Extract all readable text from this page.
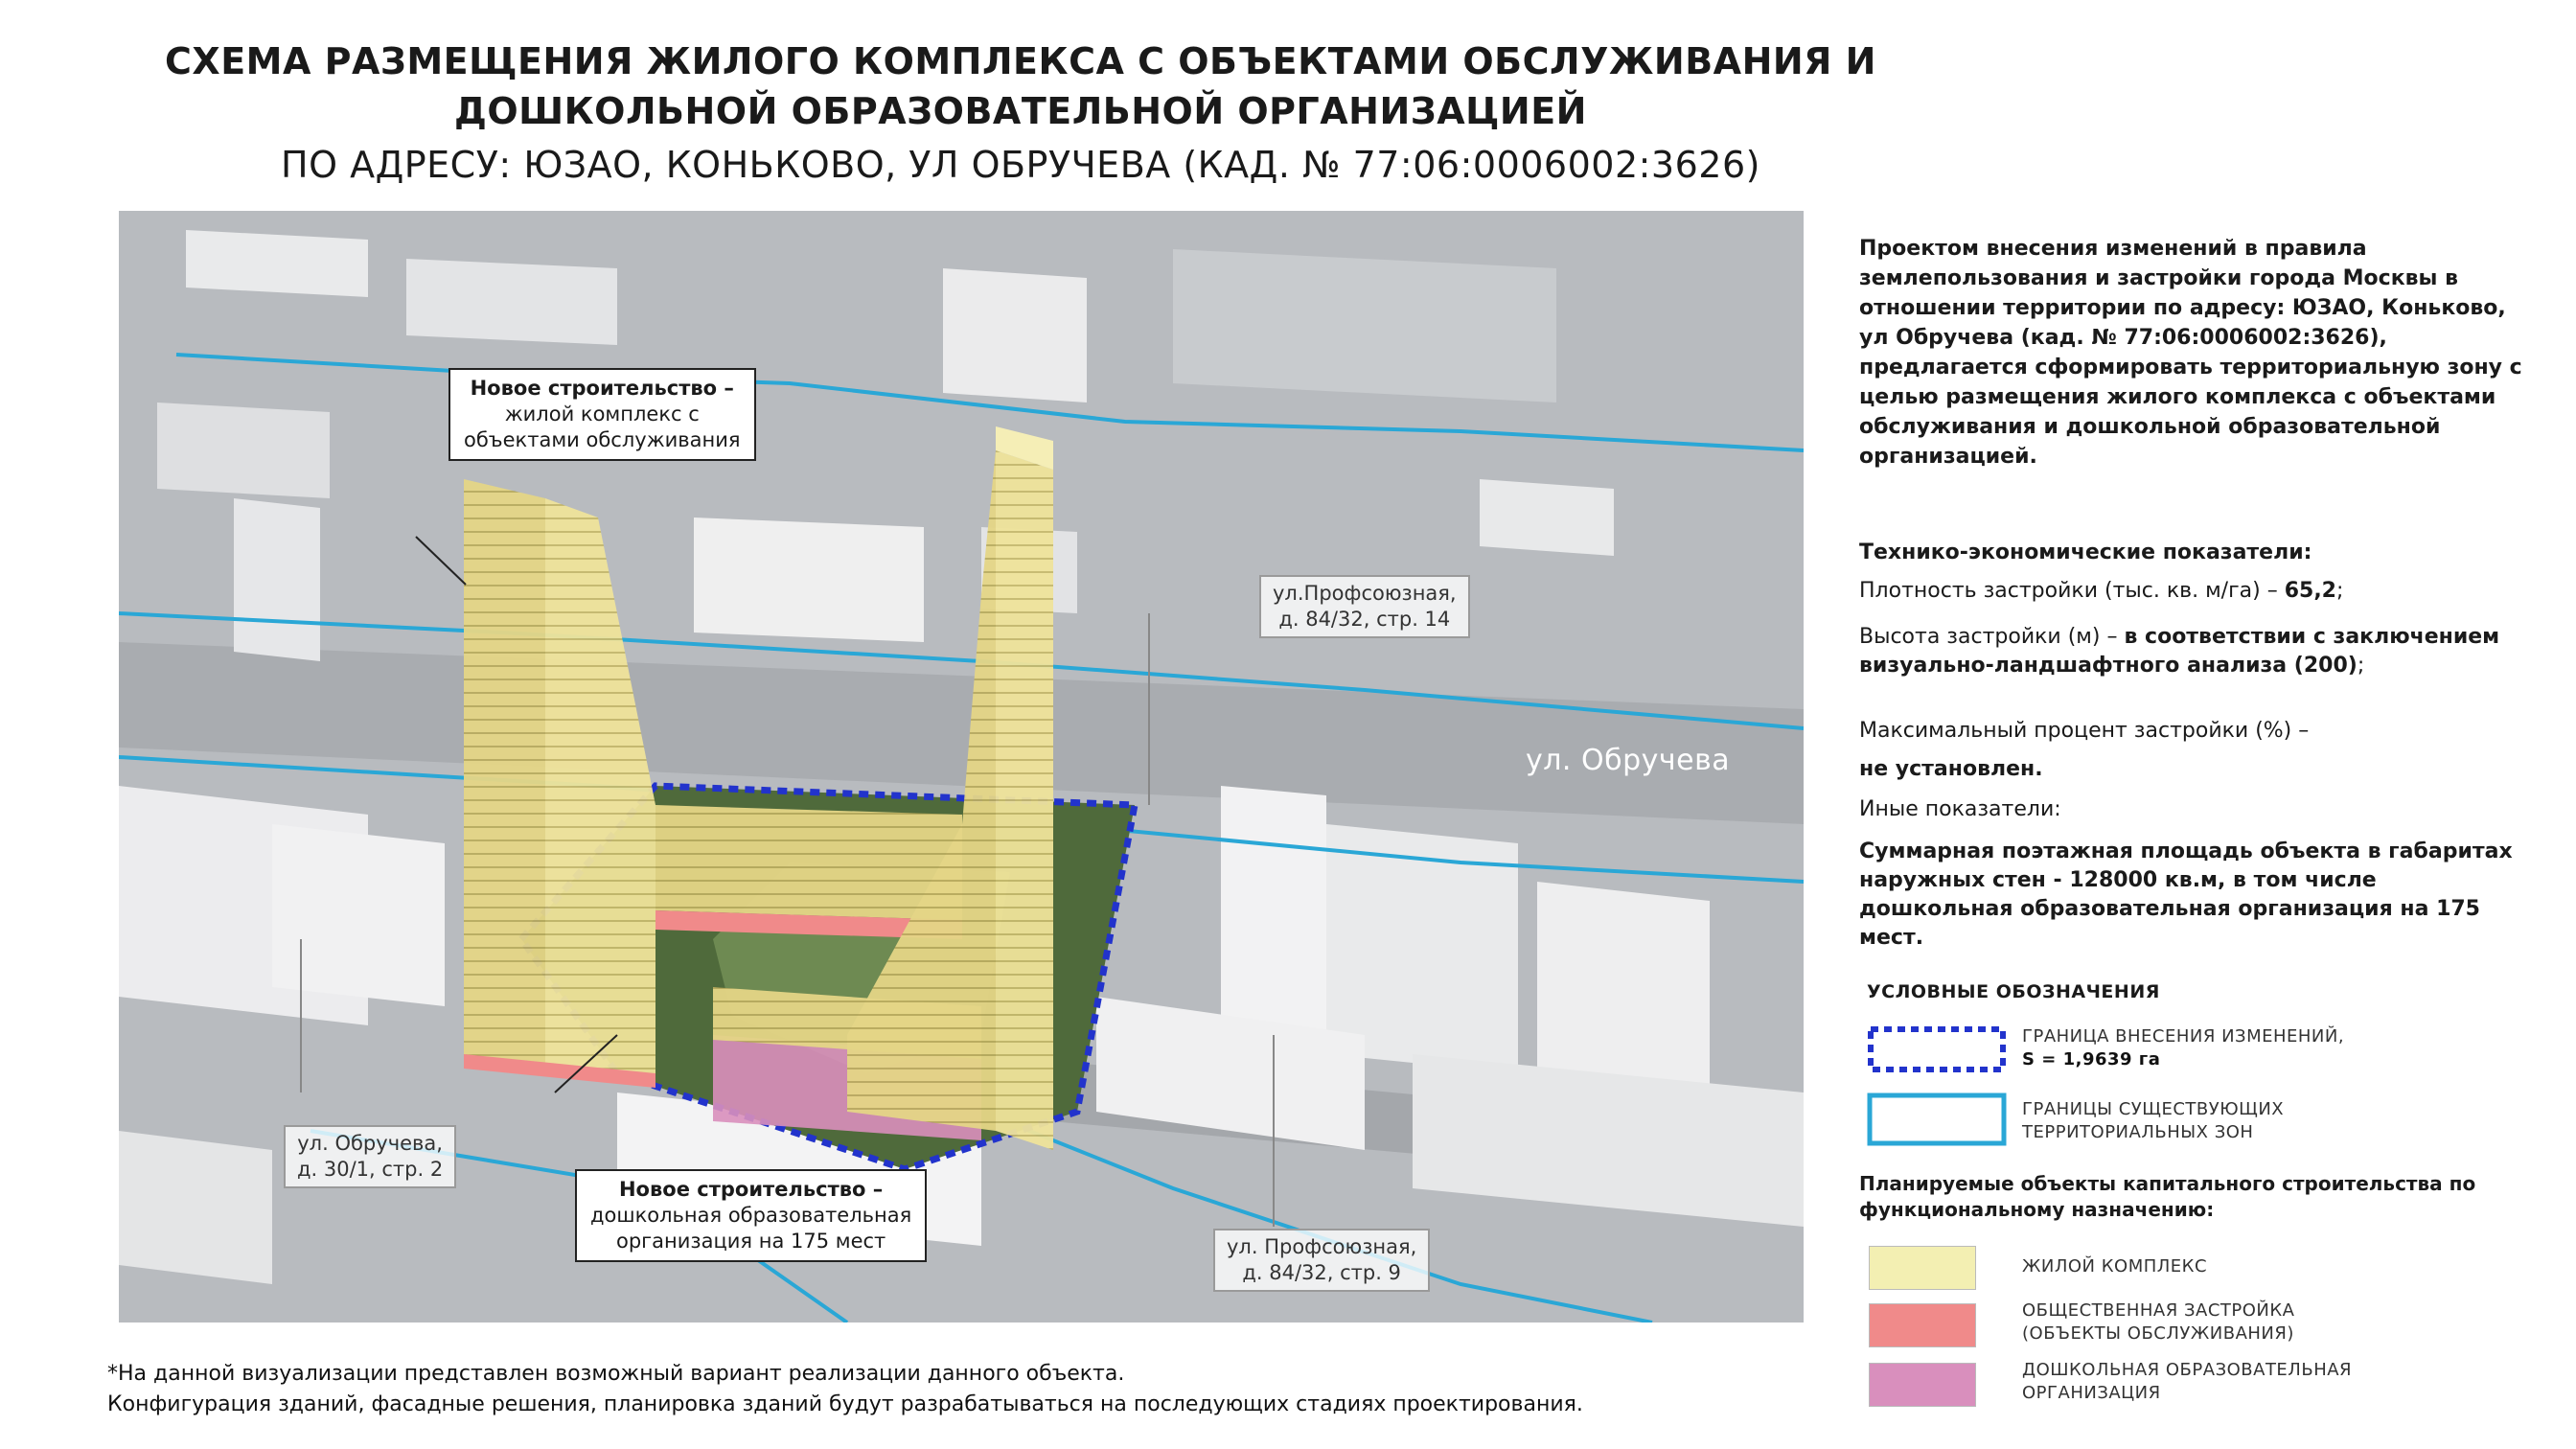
СХЕМА РАЗМЕЩЕНИЯ ЖИЛОГО КОМПЛЕКСА С ОБЪЕКТАМИ ОБСЛУЖИВАНИЯ И
ДОШКОЛЬНОЙ ОБРАЗОВАТЕЛЬНОЙ ОРГАНИЗАЦИЕЙ
ПО АДРЕСУ: ЮЗАО, КОНЬКОВО, УЛ ОБРУЧЕВА (КАД. № 77:06:0006002:3626)
Новое строительство –
жилой комплекс с
объектами обслуживания
Новое строительство –
дошкольная образовательная
организация на 175 мест
ул.Профсоюзная,
д. 84/32, стр. 14
ул. Обручева,
д. 30/1, стр. 2
ул. Профсоюзная,
д. 84/32, стр. 9
ул. Обручева

Проектом внесения изменений в правила землепользования и застройки города Москвы в отношении территории по адресу: ЮЗАО, Коньково, ул Обручева (кад. № 77:06:0006002:3626), предлагается сформировать территориальную зону с целью размещения жилого комплекса с объектами обслуживания и дошкольной образовательной организацией.

Технико-экономические показатели:

Плотность застройки (тыс. кв. м/га) – 65,2;

Высота застройки (м) – в соответствии с заключением визуально-ландшафтного анализа (200);

Максимальный процент застройки (%) –

не установлен.

Иные показатели:

Суммарная поэтажная площадь объекта в габаритах наружных стен - 128000 кв.м, в том числе дошкольная образовательная организация на 175 мест.

УСЛОВНЫЕ ОБОЗНАЧЕНИЯ
ГРАНИЦА ВНЕСЕНИЯ ИЗМЕНЕНИЙ,
S = 1,9639 га
ГРАНИЦЫ СУЩЕСТВУЮЩИХ
ТЕРРИТОРИАЛЬНЫХ ЗОН
Планируемые объекты капитального строительства по функциональному назначению:
ЖИЛОЙ КОМПЛЕКС
ОБЩЕСТВЕННАЯ ЗАСТРОЙКА
(ОБЪЕКТЫ ОБСЛУЖИВАНИЯ)
ДОШКОЛЬНАЯ ОБРАЗОВАТЕЛЬНАЯ
ОРГАНИЗАЦИЯ
*На данной визуализации представлен возможный вариант реализации данного объекта.
Конфигурация зданий, фасадные решения, планировка зданий будут разрабатываться на последующих стадиях проектирования.
